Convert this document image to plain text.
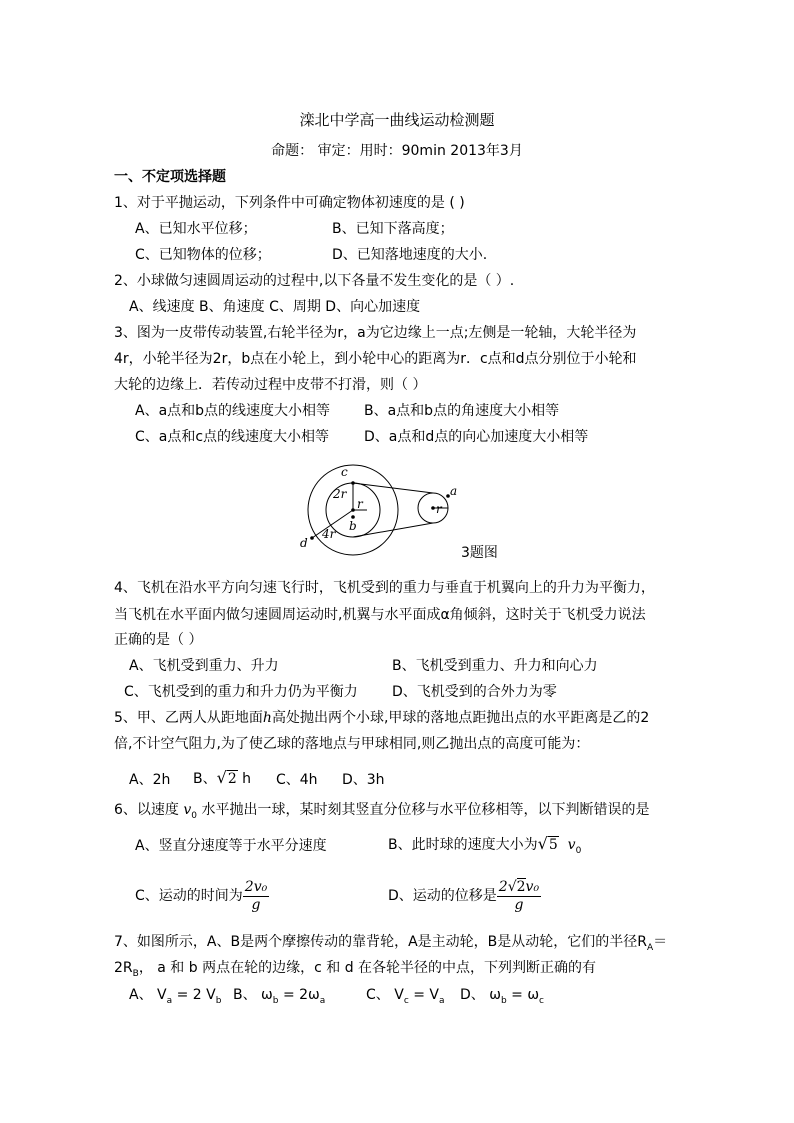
滦北中学高一曲线运动检测题
命题： 审定：用时：90min 2013年3月
一、不定项选择题
1、对于平抛运动，下列条件中可确定物体初速度的是 ( )
A、已知水平位移；	B、已知下落高度；
C、已知物体的位移；	D、已知落地速度的大小.
2、小球做匀速圆周运动的过程中,以下各量不发生变化的是（ ）.
A、线速度 B、角速度 C、周期 D、向心加速度
3、图为一皮带传动装置,右轮半径为r，a为它边缘上一点;左侧是一轮轴，大轮半径为
4r，小轮半径为2r，b点在小轮上，到小轮中心的距离为r．c点和d点分别位于小轮和
大轮的边缘上．若传动过程中皮带不打滑，则（ ）
A、a点和b点的线速度大小相等 B、a点和b点的角速度大小相等
C、a点和c点的线速度大小相等 D、a点和d点的向心加速度大小相等
c
2r
r
b
4r
d
a
r
3题图
4、飞机在沿水平方向匀速飞行时，飞机受到的重力与垂直于机翼向上的升力为平衡力，
当飞机在水平面内做匀速圆周运动时,机翼与水平面成α角倾斜，这时关于飞机受力说法
正确的是（ ）
A、飞机受到重力、升力	B、飞机受到重力、升力和向心力
C、飞机受到的重力和升力仍为平衡力 D、飞机受到的合外力为零
5、甲、乙两人从距地面h高处抛出两个小球,甲球的落地点距抛出点的水平距离是乙的2
倍,不计空气阻力,为了使乙球的落地点与甲球相同,则乙抛出点的高度可能为：
A、2h B、√2 h C、4h D、3h
6、以速度 $v_0$ 水平抛出一球，某时刻其竖直分位移与水平位移相等，以下判断错误的是
A、竖直分速度等于水平分速度	B、此时球的速度大小为√5 $v_0$
C、运动的时间为 $\frac{\text{2v₀}}{g}$	D、运动的位移是 $\frac{\text{2√2v₀}}{g}$
7、如图所示，A、B是两个摩擦传动的靠背轮，A是主动轮，B是从动轮，它们的半径$R_A=$
$2R_B$， a 和 b 两点在轮的边缘，c 和 d 在各轮半径的中点，下列判断正确的有
A、 $V_a = 2$ $V_b$ B、 $\omega_b = 2\omega_a$	C、 $V_c = V_a$ D、 $\omega_b = \omega_c$
